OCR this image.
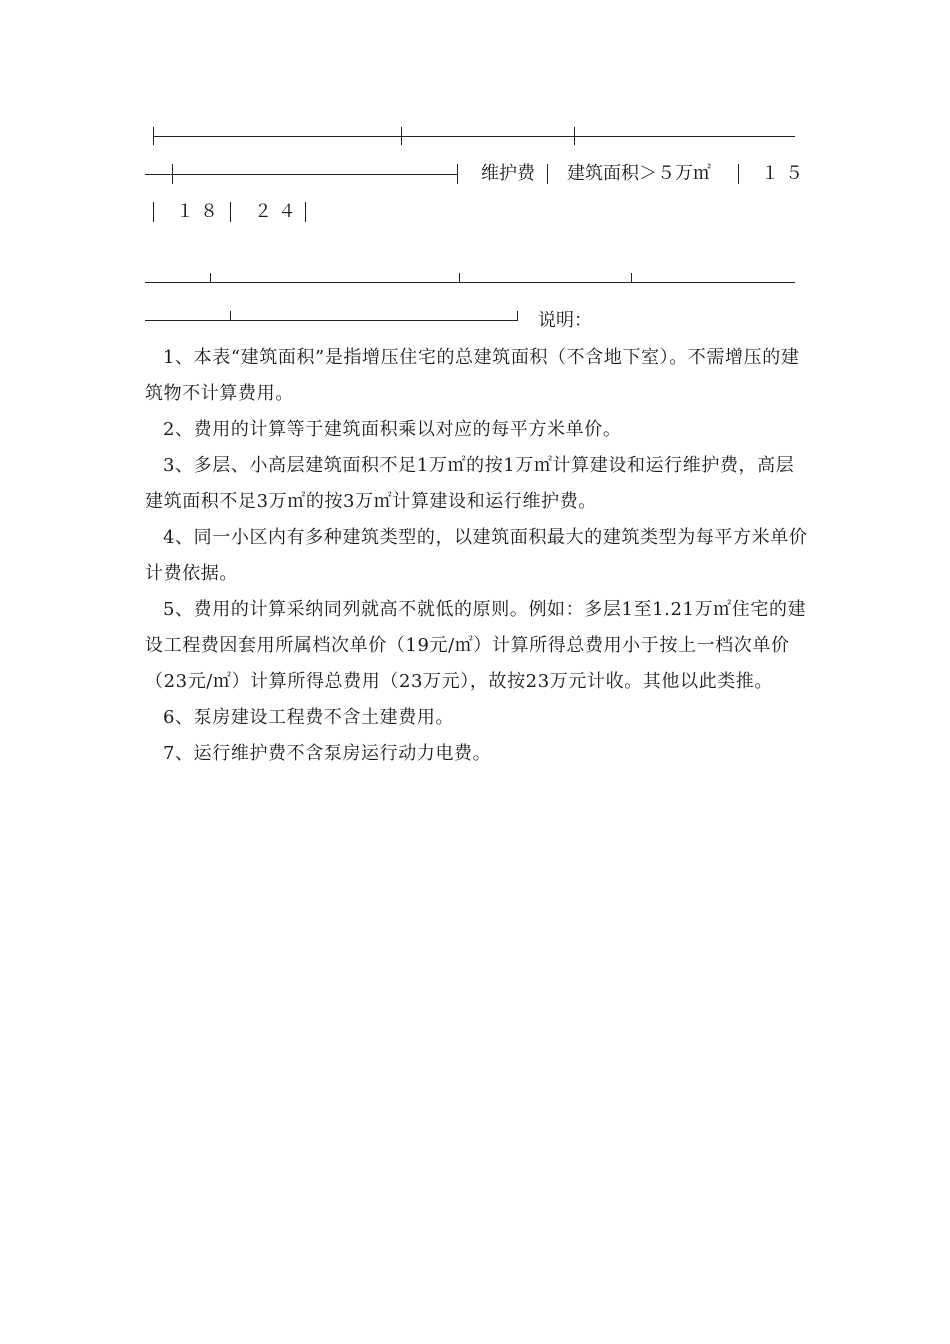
维护费 建筑面积＞５万㎡	１５
１８ ２４
说明：

1、本表“建筑面积”是指增压住宅的总建筑面积（不含地下室）。不需增压的建筑物不计算费用。

2、费用的计算等于建筑面积乘以对应的每平方米单价。

3、多层、小高层建筑面积不足1万㎡的按1万㎡计算建设和运行维护费，高层建筑面积不足3万㎡的按3万㎡计算建设和运行维护费。

4、同一小区内有多种建筑类型的，以建筑面积最大的建筑类型为每平方米单价计费依据。

5、费用的计算采纳同列就高不就低的原则。例如：多层1至1.21万㎡住宅的建设工程费因套用所属档次单价（19元/㎡）计算所得总费用小于按上一档次单价（23元/㎡）计算所得总费用（23万元），故按23万元计收。其他以此类推。

6、泵房建设工程费不含土建费用。

7、运行维护费不含泵房运行动力电费。
